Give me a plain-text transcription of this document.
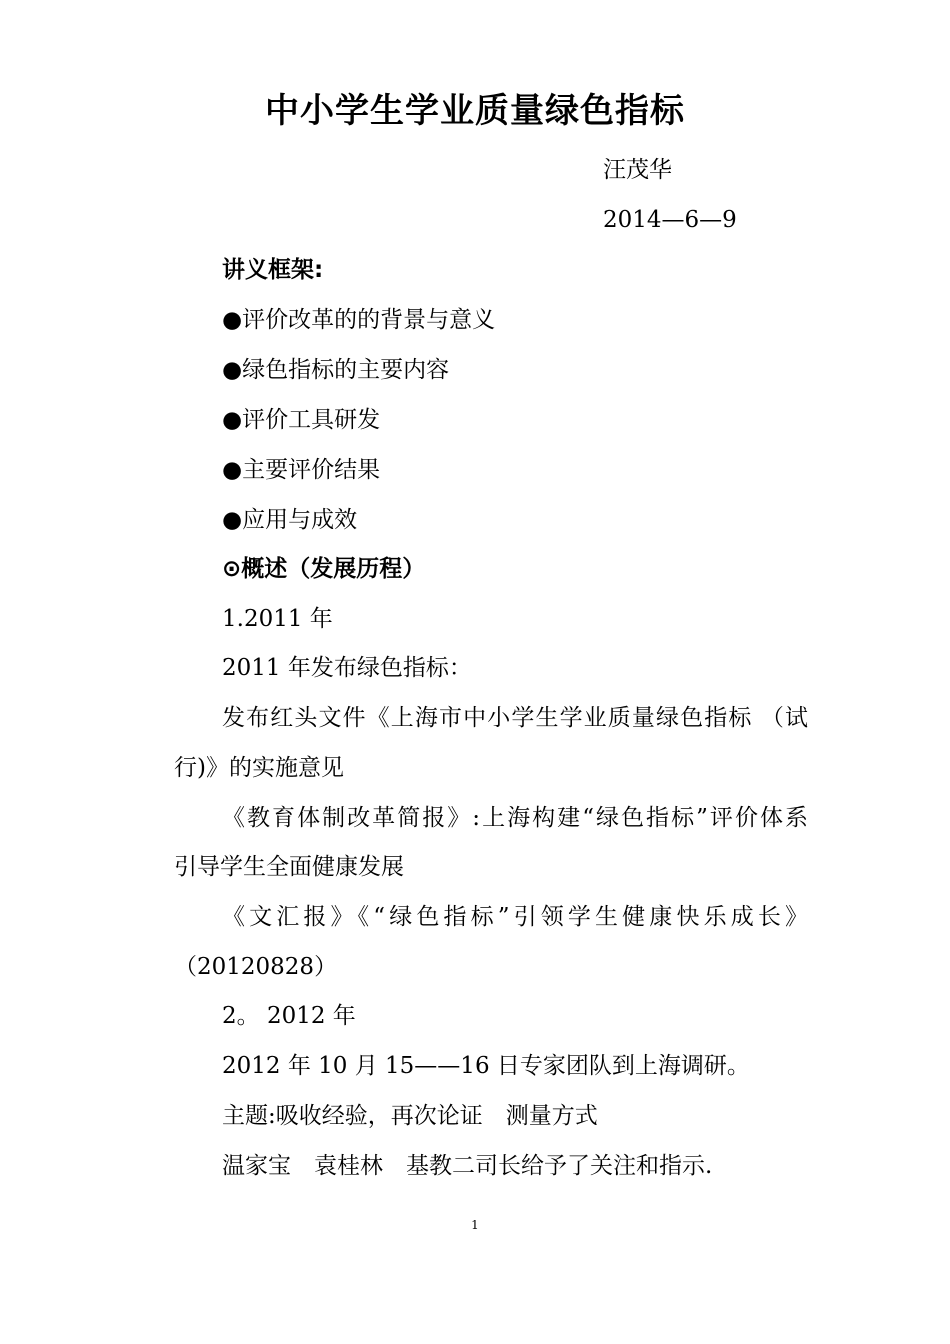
中小学生学业质量绿色指标
汪茂华
2014—6—9
讲义框架:
●评价改革的的背景与意义
●绿色指标的主要内容
●评价工具研发
●主要评价结果
●应用与成效
⊙概述（发展历程）
1.2011 年
2011 年发布绿色指标：
发布红头文件《上海市中小学生学业质量绿色指标 （试
行)》的实施意见
《教育体制改革简报》:上海构建“绿色指标”评价体系
引导学生全面健康发展
《文汇报》《“绿色指标”引领学生健康快乐成长》
（20120828）
2。 2012 年
2012 年 10 月 15——16 日专家团队到上海调研。
主题:吸收经验，再次论证　测量方式
温家宝　袁桂林　基教二司长给予了关注和指示.
1
